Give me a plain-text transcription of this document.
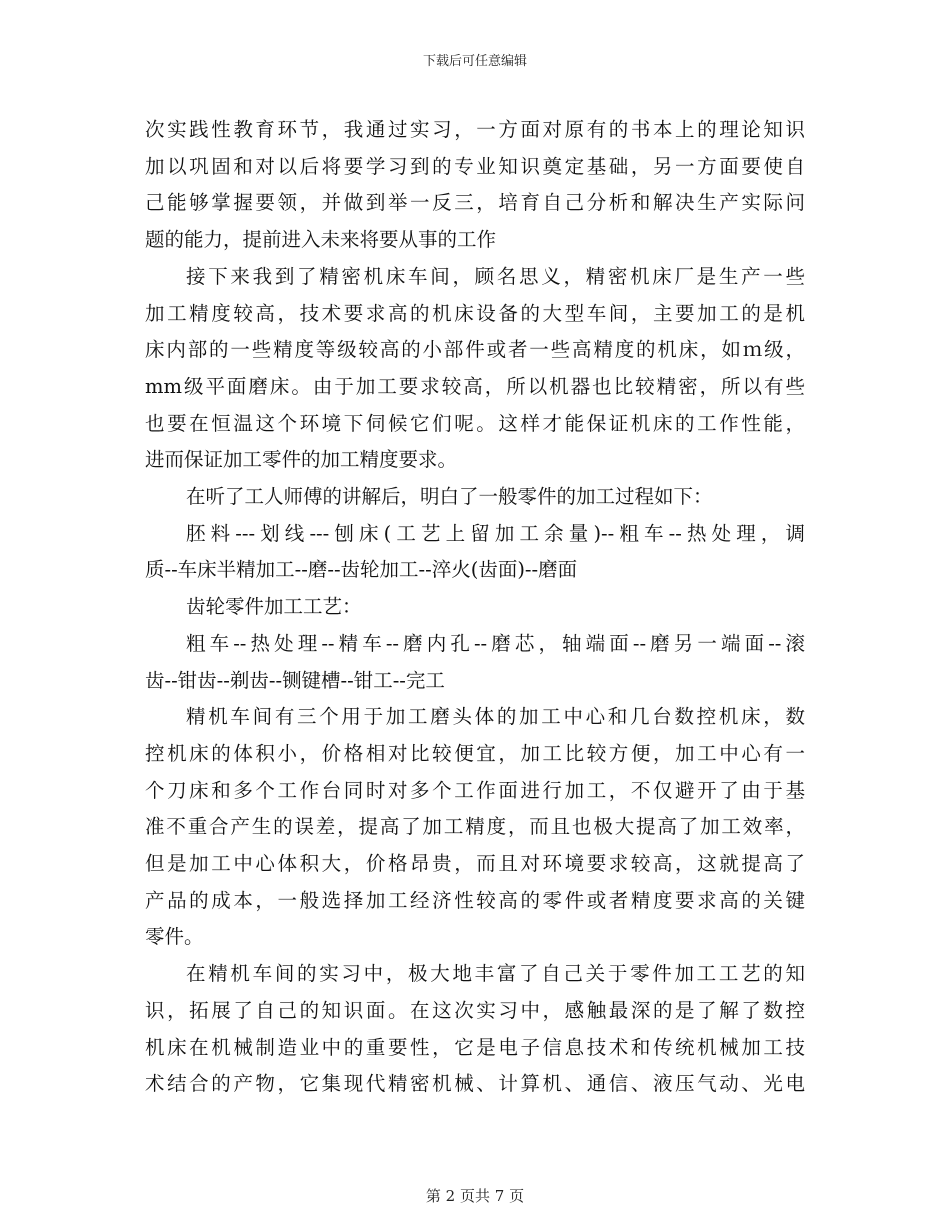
下载后可任意编辑
次实践性教育环节，我通过实习，一方面对原有的书本上的理论知识
加以巩固和对以后将要学习到的专业知识奠定基础，另一方面要使自
己能够掌握要领，并做到举一反三，培育自己分析和解决生产实际问
题的能力，提前进入未来将要从事的工作
接下来我到了精密机床车间，顾名思义，精密机床厂是生产一些
加工精度较高，技术要求高的机床设备的大型车间，主要加工的是机
床内部的一些精度等级较高的小部件或者一些高精度的机床，如ｍ级，
mm级平面磨床。由于加工要求较高，所以机器也比较精密，所以有些
也要在恒温这个环境下伺候它们呢。这样才能保证机床的工作性能，
进而保证加工零件的加工精度要求。
在听了工人师傅的讲解后，明白了一般零件的加工过程如下：
胚料---划线---刨床(工艺上留加工余量)--粗车--热处理，调
质--车床半精加工--磨--齿轮加工--淬火(齿面)--磨面
齿轮零件加工工艺：
粗车--热处理--精车--磨内孔--磨芯，轴端面--磨另一端面--滚
齿--钳齿--剃齿--铡键槽--钳工--完工
精机车间有三个用于加工磨头体的加工中心和几台数控机床，数
控机床的体积小，价格相对比较便宜，加工比较方便，加工中心有一
个刀床和多个工作台同时对多个工作面进行加工，不仅避开了由于基
准不重合产生的误差，提高了加工精度，而且也极大提高了加工效率，
但是加工中心体积大，价格昂贵，而且对环境要求较高，这就提高了
产品的成本，一般选择加工经济性较高的零件或者精度要求高的关键
零件。
在精机车间的实习中，极大地丰富了自己关于零件加工工艺的知
识，拓展了自己的知识面。在这次实习中，感触最深的是了解了数控
机床在机械制造业中的重要性，它是电子信息技术和传统机械加工技
术结合的产物，它集现代精密机械、计算机、通信、液压气动、光电
第 2 页共 7 页
